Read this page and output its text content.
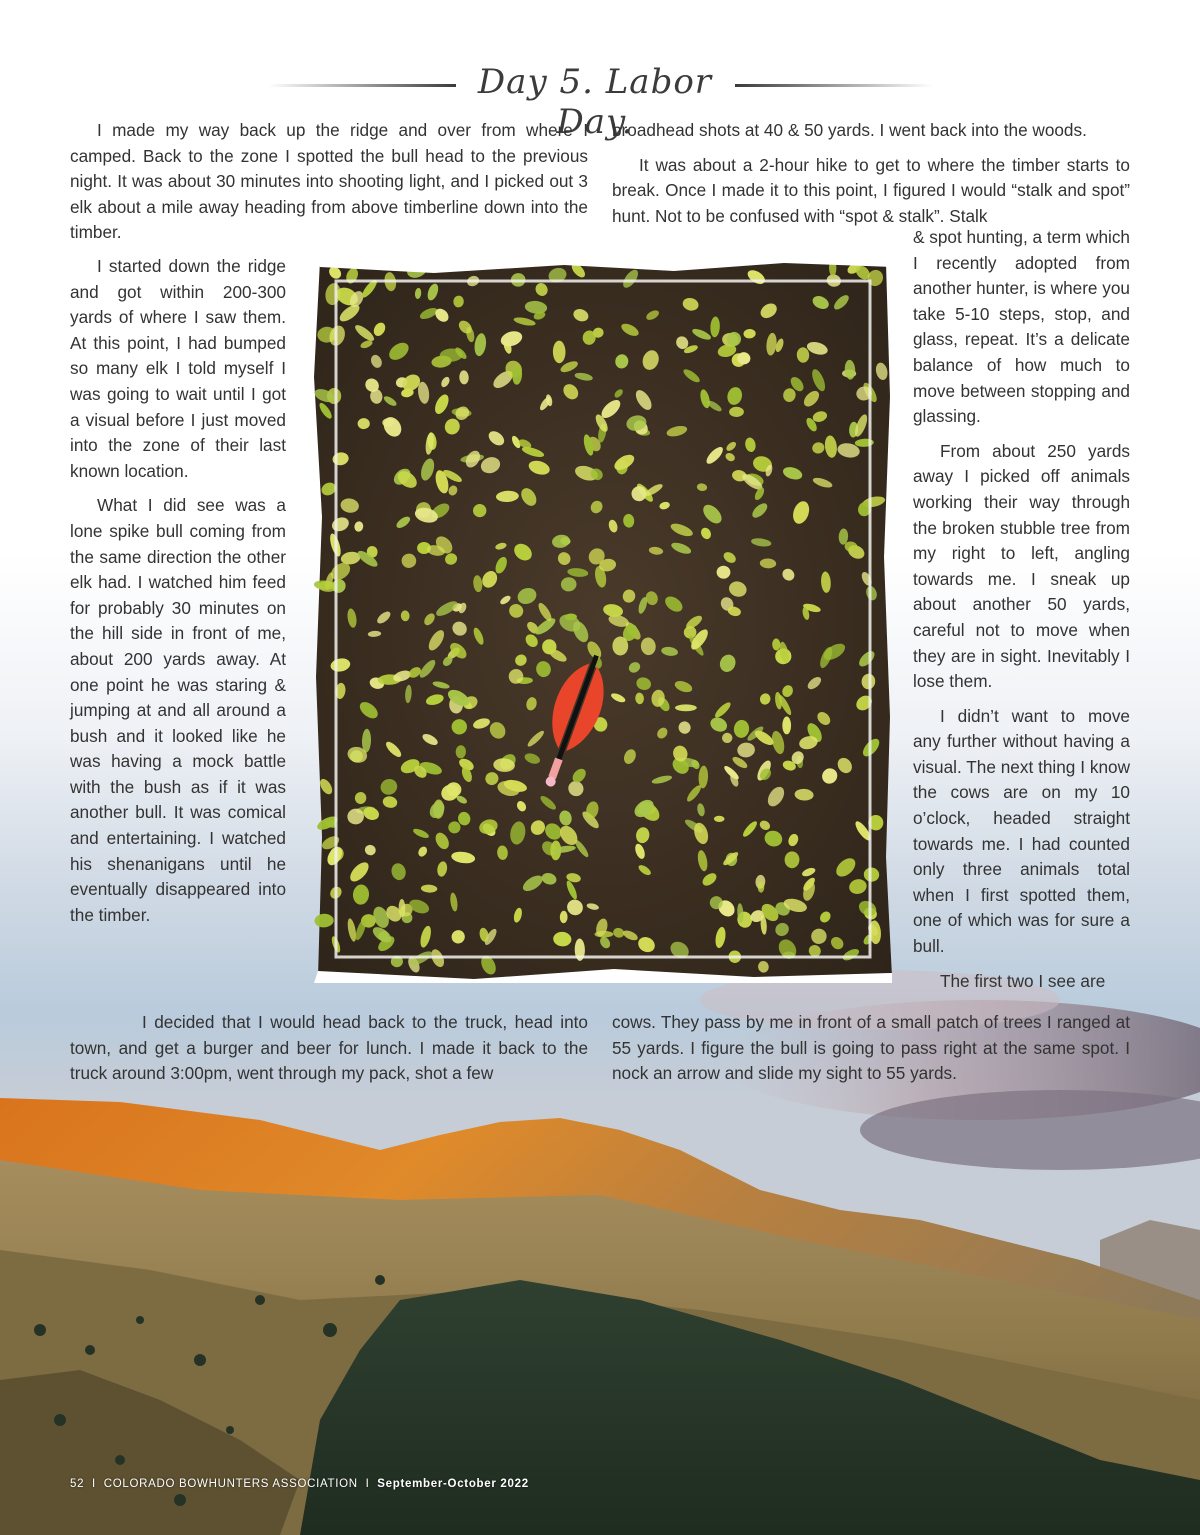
Day 5. Labor Day.

I made my way back up the ridge and over from where I camped. Back to the zone I spotted the bull head to the previous night. It was about 30 minutes into shooting light, and I picked out 3 elk about a mile away heading from above timberline down into the timber.

I started down the ridge and got within 200-300 yards of where I saw them. At this point, I had bumped so many elk I told myself I was going to wait until I got a visual before I just moved into the zone of their last known location.

What I did see was a lone spike bull coming from the same direction the other elk had. I watched him feed for probably 30 minutes on the hill side in front of me, about 200 yards away. At one point he was staring & jumping at and all around a bush and it looked like he was having a mock battle with the bush as if it was another bull. It was comical and entertaining. I watched his shenanigans until he eventually disappeared into the timber.

I decided that I would head back to the truck, head into town, and get a burger and beer for lunch. I made it back to the truck around 3:00pm, went through my pack, shot a few

broadhead shots at 40 & 50 yards. I went back into the woods.

It was about a 2-hour hike to get to where the timber starts to break. Once I made it to this point, I figured I would “stalk and spot” hunt. Not to be confused with “spot & stalk”. Stalk

& spot hunting, a term which I recently adopted from another hunter, is where you take 5-10 steps, stop, and glass, repeat. It’s a delicate balance of how much to move between stopping and glassing.

From about 250 yards away I picked off animals working their way through the broken stubble tree from my right to left, angling towards me. I sneak up about another 50 yards, careful not to move when they are in sight. Inevitably I lose them.

I didn’t want to move any further without having a visual. The next thing I know the cows are on my 10 o’clock, headed straight towards me. I had counted only three animals total when I first spotted them, one of which was for sure a bull.

The first two I see are

cows. They pass by me in front of a small patch of trees I ranged at 55 yards. I figure the bull is going to pass right at the same spot. I nock an arrow and slide my sight to 55 yards.

52 I COLORADO BOWHUNTERS ASSOCIATION I September-October 2022
